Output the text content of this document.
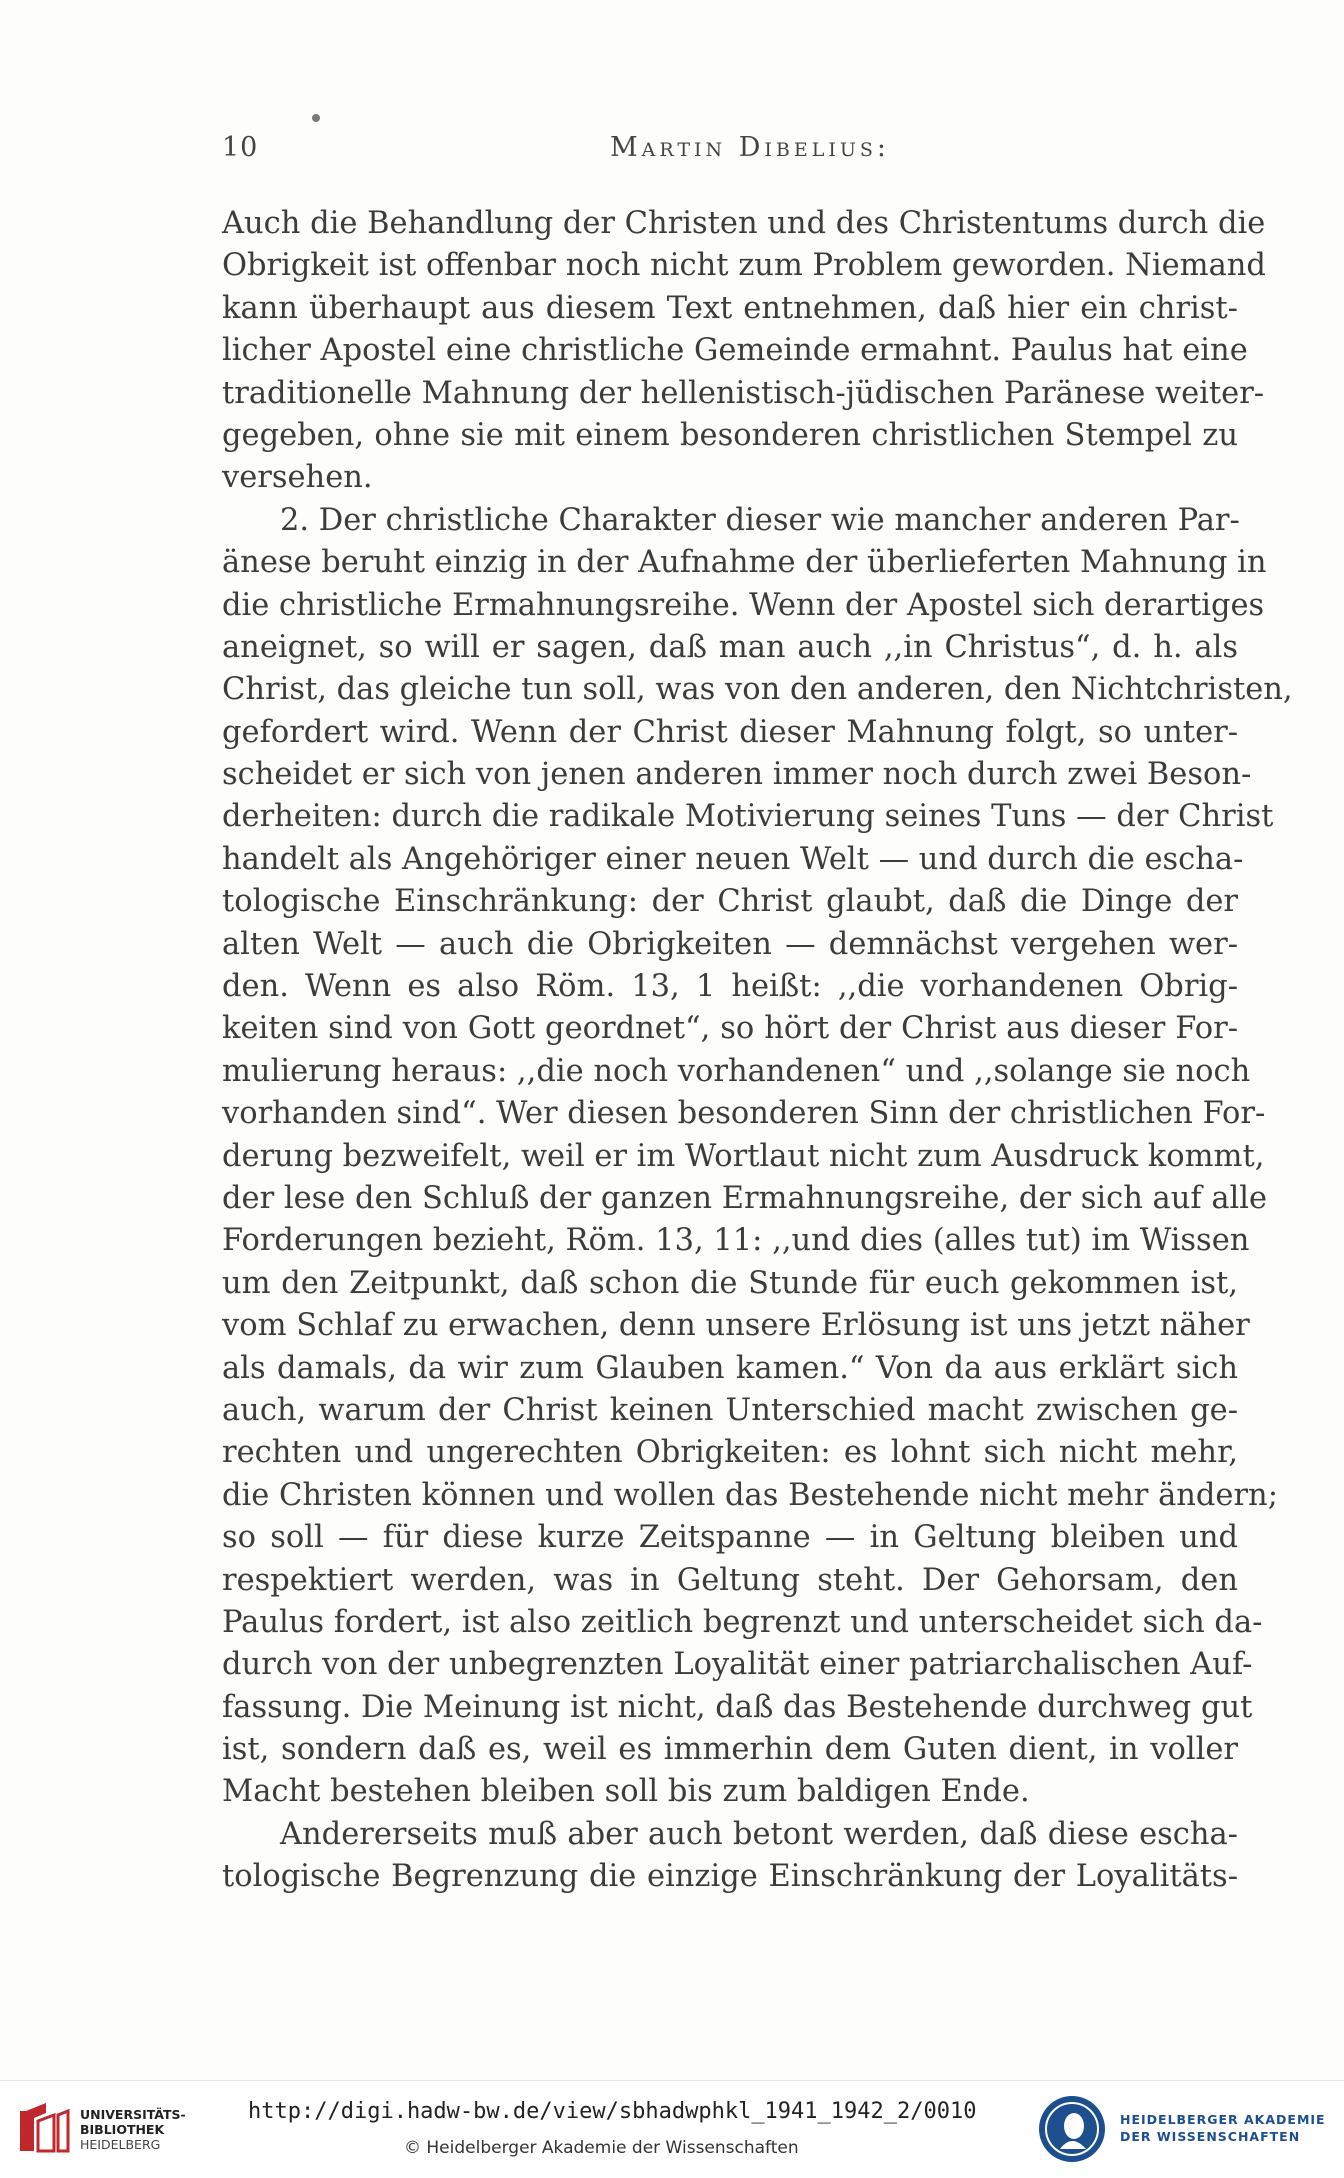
10	Martin Dibelius:
Auch die Behandlung der Christen und des Christentums durch die
Obrigkeit ist offenbar noch nicht zum Problem geworden. Niemand
kann überhaupt aus diesem Text entnehmen, daß hier ein christ-
licher Apostel eine christliche Gemeinde ermahnt. Paulus hat eine
traditionelle Mahnung der hellenistisch-jüdischen Paränese weiter-
gegeben, ohne sie mit einem besonderen christlichen Stempel zu
versehen.
2. Der christliche Charakter dieser wie mancher anderen Par-
änese beruht einzig in der Aufnahme der überlieferten Mahnung in
die christliche Ermahnungsreihe. Wenn der Apostel sich derartiges
aneignet, so will er sagen, daß man auch ,,in Christus“, d. h. als
Christ, das gleiche tun soll, was von den anderen, den Nichtchristen,
gefordert wird. Wenn der Christ dieser Mahnung folgt, so unter-
scheidet er sich von jenen anderen immer noch durch zwei Beson-
derheiten: durch die radikale Motivierung seines Tuns — der Christ
handelt als Angehöriger einer neuen Welt — und durch die escha-
tologische Einschränkung: der Christ glaubt, daß die Dinge der
alten Welt — auch die Obrigkeiten — demnächst vergehen wer-
den. Wenn es also Röm. 13, 1 heißt: ,,die vorhandenen Obrig-
keiten sind von Gott geordnet“, so hört der Christ aus dieser For-
mulierung heraus: ,,die noch vorhandenen“ und ,,solange sie noch
vorhanden sind“. Wer diesen besonderen Sinn der christlichen For-
derung bezweifelt, weil er im Wortlaut nicht zum Ausdruck kommt,
der lese den Schluß der ganzen Ermahnungsreihe, der sich auf alle
Forderungen bezieht, Röm. 13, 11: ,,und dies (alles tut) im Wissen
um den Zeitpunkt, daß schon die Stunde für euch gekommen ist,
vom Schlaf zu erwachen, denn unsere Erlösung ist uns jetzt näher
als damals, da wir zum Glauben kamen.“ Von da aus erklärt sich
auch, warum der Christ keinen Unterschied macht zwischen ge-
rechten und ungerechten Obrigkeiten: es lohnt sich nicht mehr,
die Christen können und wollen das Bestehende nicht mehr ändern;
so soll — für diese kurze Zeitspanne — in Geltung bleiben und
respektiert werden, was in Geltung steht. Der Gehorsam, den
Paulus fordert, ist also zeitlich begrenzt und unterscheidet sich da-
durch von der unbegrenzten Loyalität einer patriarchalischen Auf-
fassung. Die Meinung ist nicht, daß das Bestehende durchweg gut
ist, sondern daß es, weil es immerhin dem Guten dient, in voller
Macht bestehen bleiben soll bis zum baldigen Ende.
Andererseits muß aber auch betont werden, daß diese escha-
tologische Begrenzung die einzige Einschränkung der Loyalitäts-
UNIVERSITÄTS-
BIBLIOTHEK
HEIDELBERG
http://digi.hadw-bw.de/view/sbhadwphkl_1941_1942_2/0010
© Heidelberger Akademie der Wissenschaften
HEIDELBERGER AKADEMIE
DER WISSENSCHAFTEN
